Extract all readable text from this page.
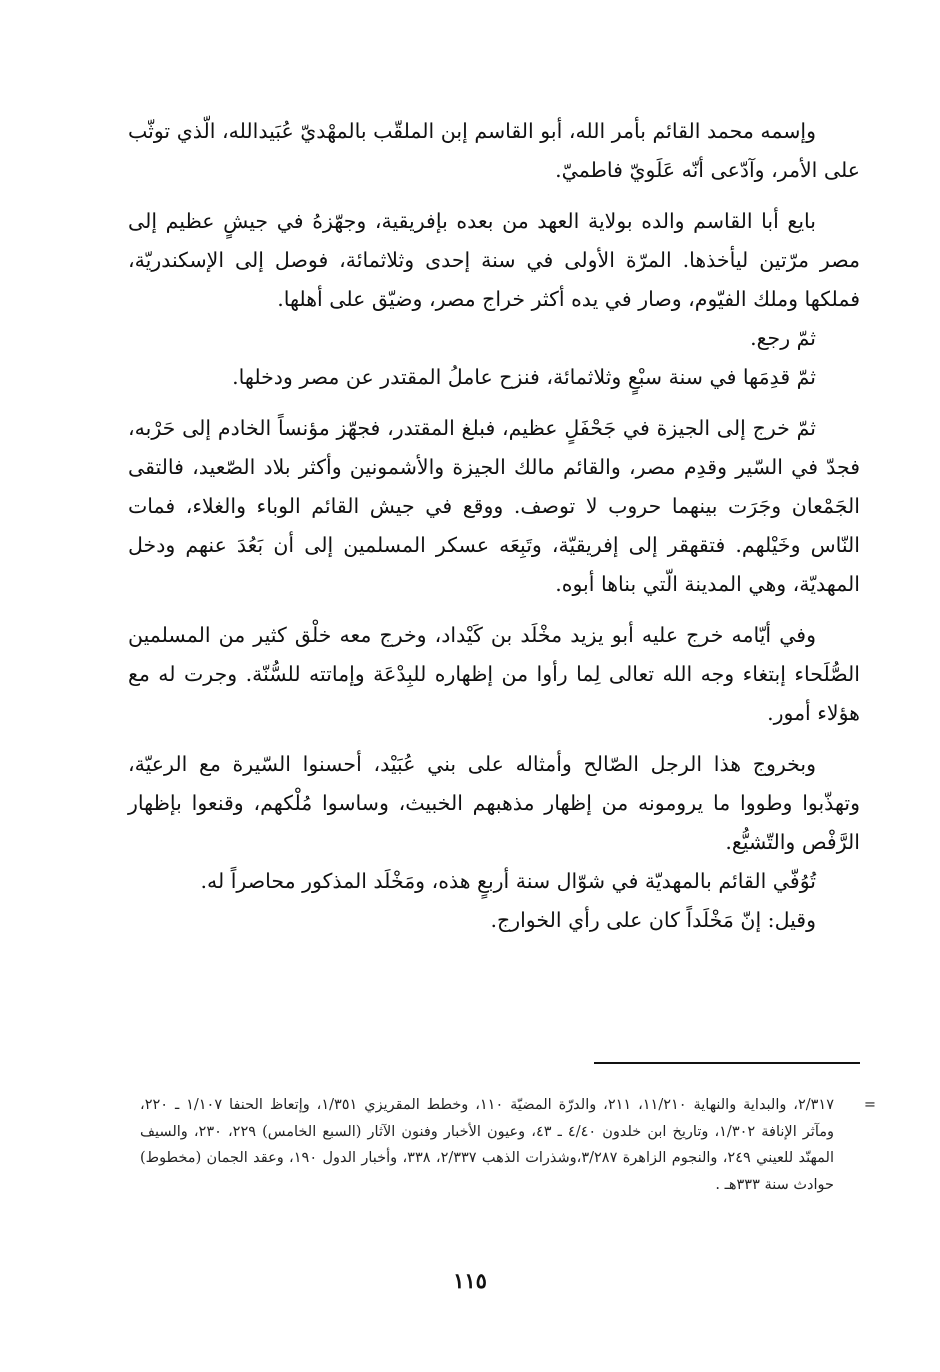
وإسمه محمد القائم بأمر الله، أبو القاسم إبن الملقّب بالمهْديّ عُبَيدالله، الّذي توثّب على الأمر، وآدّعى أنّه عَلَويّ فاطميّ.

بايع أبا القاسم والده بولاية العهد من بعده بإفريقية، وجهّزهُ في جيشٍ عظيم إلى مصر مرّتين ليأخذها. المرّة الأولى في سنة إحدى وثلاثمائة، فوصل إلى الإسكندريّة، فملكها وملك الفيّوم، وصار في يده أكثر خراج مصر، وضيّق على أهلها.

ثمّ رجع.

ثمّ قدِمَها في سنة سبْعٍ وثلاثمائة، فنزح عاملُ المقتدر عن مصر ودخلها.

ثمّ خرج إلى الجيزة في جَحْفَلٍ عظيم، فبلغ المقتدر، فجهّز مؤنساً الخادم إلى حَرْبه، فجدّ في السّير وقدِم مصر، والقائم مالك الجيزة والأشمونين وأكثر بلاد الصّعيد، فالتقى الجَمْعان وجَرَت بينهما حروب لا توصف. ووقع في جيش القائم الوباء والغلاء، فمات النّاس وخَيْلهم. فتقهقر إلى إفريقيّة، وتَبِعَه عسكر المسلمين إلى أن بَعُدَ عنهم ودخل المهديّة، وهي المدينة الّتي بناها أبوه.

وفي أيّامه خرج عليه أبو يزيد مخْلَد بن كَيْداد، وخرج معه خلْق كثير من المسلمين الصُّلَحاء إبتغاء وجه الله تعالى لِما رأوا من إظهاره للبِدْعَة وإماتته للسُّنّة. وجرت له مع هؤلاء أمور.

وبخروج هذا الرجل الصّالح وأمثاله على بني عُبَيْد، أحسنوا السّيرة مع الرعيّة، وتهذّبوا وطووا ما يرومونه من إظهار مذهبهم الخبيث، وساسوا مُلْكهم، وقنعوا بإظهار الرَّفْص والتّشيُّع.

تُوُفّي القائم بالمهديّة في شوّال سنة أربعٍ هذه، ومَخْلَد المذكور محاصراً له.

وقيل: إنّ مَخْلَداً كان على رأي الخوارج.

=

٢/٣١٧، والبداية والنهاية ١١/٢١٠، ٢١١، والدرّة المضيّة ١١٠، وخطط المقريزي ١/٣٥١، وإتعاظ الحنفا ١/١٠٧ ـ ٢٢٠، ومآثر الإنافة ١/٣٠٢، وتاريخ ابن خلدون ٤/٤٠ ـ ٤٣، وعيون الأخبار وفنون الآثار (السبع الخامس) ٢٢٩، ٢٣٠، والسيف المهنّد للعيني ٢٤٩، والنجوم الزاهرة ٣/٢٨٧،وشذرات الذهب ٢/٣٣٧، ٣٣٨، وأخبار الدول ١٩٠، وعقد الجمان (مخطوط) حوادث سنة ٣٣٣هـ .

١١٥
